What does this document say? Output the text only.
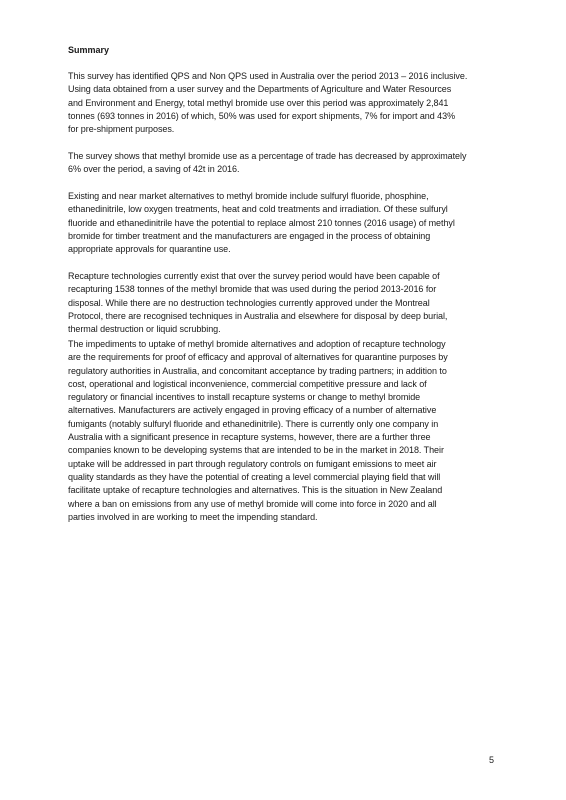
Summary
This survey has identified QPS and Non QPS used in Australia over the period 2013 – 2016 inclusive.
Using data obtained from a user survey and the Departments of Agriculture and Water Resources
and Environment and Energy, total methyl bromide use over this period was approximately 2,841
tonnes (693 tonnes in 2016) of which, 50% was used for export shipments, 7% for import and 43%
for pre-shipment purposes.
The survey shows that methyl bromide use as a percentage of trade has decreased by approximately
6% over the period, a saving of 42t in 2016.
Existing and near market alternatives to methyl bromide include sulfuryl fluoride, phosphine,
ethanedinitrile, low oxygen treatments, heat and cold treatments and irradiation. Of these sulfuryl
fluoride and ethanedinitrile have the potential to replace almost 210 tonnes (2016 usage) of methyl
bromide for timber treatment and the manufacturers are engaged in the process of obtaining
appropriate approvals for quarantine use.
Recapture technologies currently exist that over the survey period would have been capable of
recapturing 1538 tonnes of the methyl bromide that was used during the period 2013-2016 for
disposal. While there are no destruction technologies currently approved under the Montreal
Protocol, there are recognised techniques in Australia and elsewhere for disposal by deep burial,
thermal destruction or liquid scrubbing.
The impediments to uptake of methyl bromide alternatives and adoption of recapture technology
are the requirements for proof of efficacy and approval of alternatives for quarantine purposes by
regulatory authorities in Australia, and concomitant acceptance by trading partners; in addition to
cost, operational and logistical inconvenience, commercial competitive pressure and lack of
regulatory or financial incentives to install recapture systems or change to methyl bromide
alternatives. Manufacturers are actively engaged in proving efficacy of a number of alternative
fumigants (notably sulfuryl fluoride and ethanedinitrile). There is currently only one company in
Australia with a significant presence in recapture systems, however, there are a further three
companies known to be developing systems that are intended to be in the market in 2018. Their
uptake will be addressed in part through regulatory controls on fumigant emissions to meet air
quality standards as they have the potential of creating a level commercial playing field that will
facilitate uptake of recapture technologies and alternatives. This is the situation in New Zealand
where a ban on emissions from any use of methyl bromide will come into force in 2020 and all
parties involved in are working to meet the impending standard.
5
